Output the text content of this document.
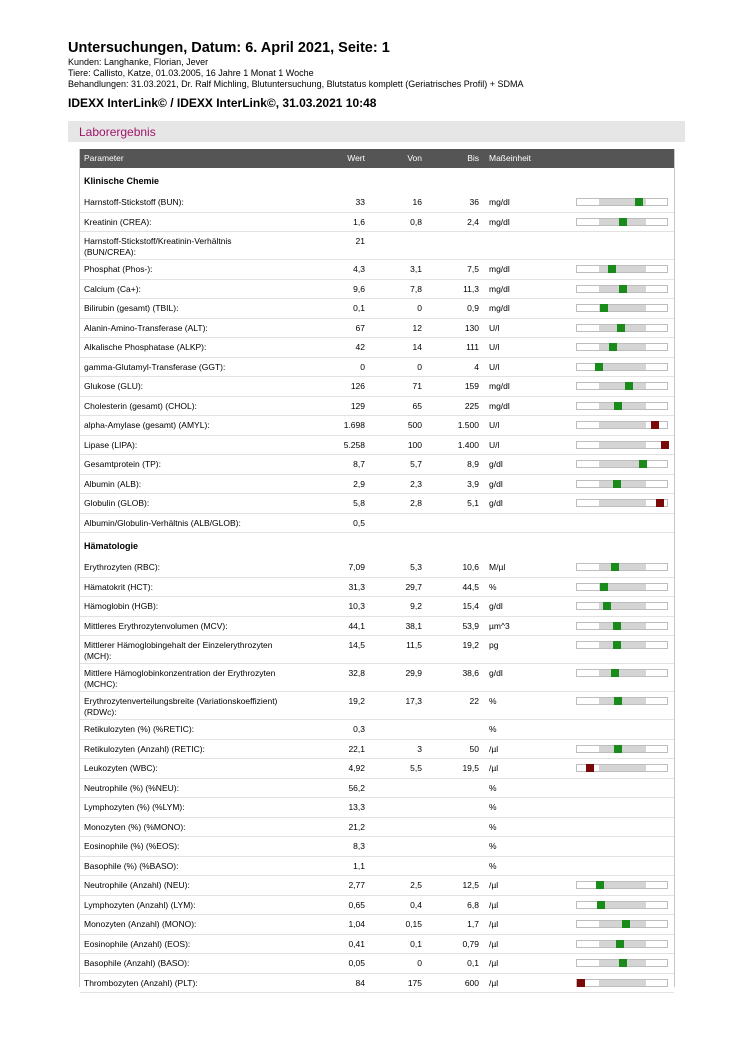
Untersuchungen, Datum: 6. April 2021, Seite: 1
Kunden: Langhanke, Florian, Jever
Tiere: Callisto, Katze, 01.03.2005, 16 Jahre 1 Monat 1 Woche
Behandlungen: 31.03.2021, Dr. Ralf Michling, Blutuntersuchung, Blutstatus komplett (Geriatrisches Profil) + SDMA
IDEXX InterLink© / IDEXX InterLink©, 31.03.2021 10:48
Laborergebnis
Parameter	Wert	Von	Bis Maßeinheit
Klinische Chemie
Harnstoff-Stickstoff (BUN):	33	16	36 mg/dl
Kreatinin (CREA):	1,6	0,8	2,4 mg/dl
Harnstoff-Stickstoff/Kreatinin-Verhältnis (BUN/CREA):
21
Phosphat (Phos-):	4,3	3,1	7,5 mg/dl
Calcium (Ca+):	9,6	7,8	11,3 mg/dl
Bilirubin (gesamt) (TBIL):	0,1	0	0,9 mg/dl
Alanin-Amino-Transferase (ALT):	67	12	130 U/l
Alkalische Phosphatase (ALKP):	42	14	111 U/l
gamma-Glutamyl-Transferase (GGT):	0	0	4 U/l
Glukose (GLU):	126	71	159 mg/dl
Cholesterin (gesamt) (CHOL):	129	65	225 mg/dl
alpha-Amylase (gesamt) (AMYL):	1.698	500	1.500 U/l
Lipase (LIPA):	5.258	100	1.400 U/l
Gesamtprotein (TP):	8,7	5,7	8,9 g/dl
Albumin (ALB):	2,9	2,3	3,9 g/dl
Globulin (GLOB):	5,8	2,8	5,1 g/dl
Albumin/Globulin-Verhältnis (ALB/GLOB):	0,5
Hämatologie
Erythrozyten (RBC):	7,09	5,3	10,6 M/µl
Hämatokrit (HCT):	31,3	29,7	44,5 %
Hämoglobin (HGB):	10,3	9,2	15,4 g/dl
Mittleres Erythrozytenvolumen (MCV):	44,1	38,1	53,9 µm^3
Mittlerer Hämoglobingehalt der Einzelerythrozyten (MCH):
14,5	11,5	19,2 pg
Mittlere Hämoglobinkonzentration der Erythrozyten (MCHC):
32,8	29,9	38,6 g/dl
Erythrozytenverteilungsbreite (Variationskoeffizient) (RDWc):
19,2	17,3	22 %
Retikulozyten (%) (%RETIC):	0,3	%
Retikulozyten (Anzahl) (RETIC):	22,1	3	50 /µl
Leukozyten (WBC):	4,92	5,5	19,5 /µl
Neutrophile (%) (%NEU):	56,2	%
Lymphozyten (%) (%LYM):	13,3	%
Monozyten (%) (%MONO):	21,2	%
Eosinophile (%) (%EOS):	8,3	%
Basophile (%) (%BASO):	1,1	%
Neutrophile (Anzahl) (NEU):	2,77	2,5	12,5 /µl
Lymphozyten (Anzahl) (LYM):	0,65	0,4	6,8 /µl
Monozyten (Anzahl) (MONO):	1,04	0,15	1,7 /µl
Eosinophile (Anzahl) (EOS):	0,41	0,1	0,79 /µl
Basophile (Anzahl) (BASO):	0,05	0	0,1 /µl
Thrombozyten (Anzahl) (PLT):	84	175	600 /µl
